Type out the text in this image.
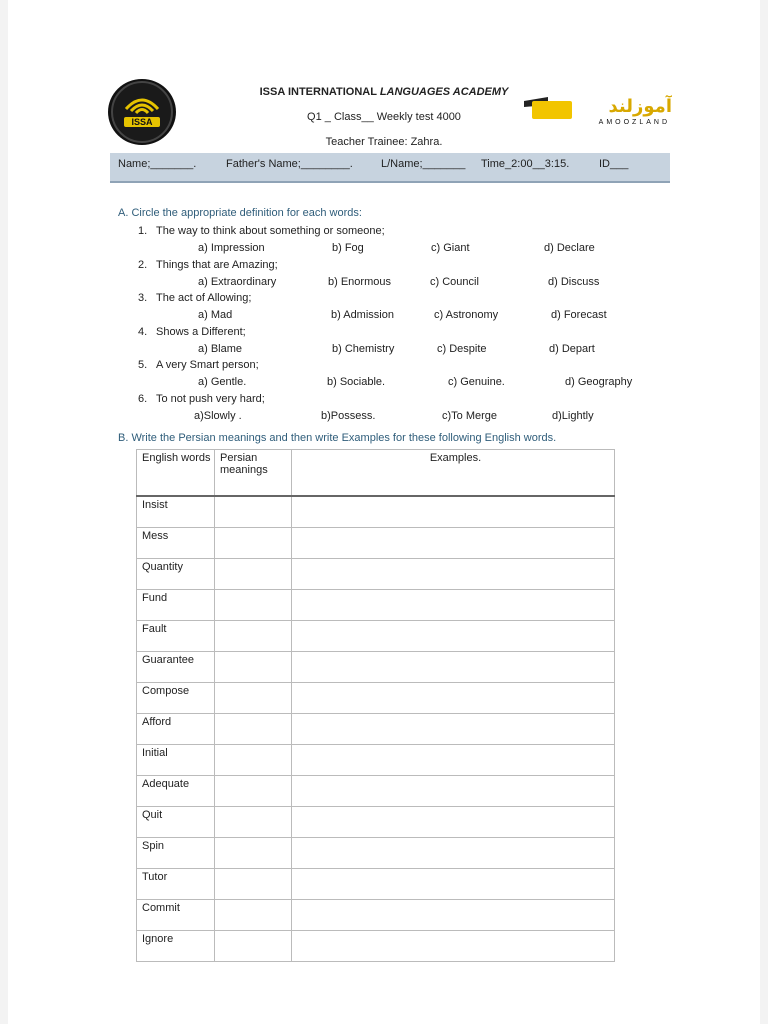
ISSA
آموزلند
AMOOZLAND
ISSA INTERNATIONAL LANGUAGES ACADEMY
Q1 _ Class__ Weekly test 4000
Teacher Trainee: Zahra.
Name;_______.	Father's Name;________.	L/Name;_______ Time_2:00__3:15.	ID___
A. Circle the appropriate definition for each words:
1. The way to think about something or someone;
a) Impression	b) Fog	c) Giant	d) Declare
2. Things that are Amazing;
a) Extraordinary	b) Enormous	c) Council	d) Discuss
3. The act of Allowing;
a) Mad	b) Admission	c) Astronomy	d) Forecast
4. Shows a Different;
a) Blame	b) Chemistry	c) Despite	d) Depart
5. A very Smart person;
a) Gentle.	b) Sociable.	c) Genuine.	d) Geography
6. To not push very hard;
a)Slowly .	b)Possess.	c)To Merge	d)Lightly
B. Write the Persian meanings and then write Examples for these following English words.
English words	Persian meanings	Examples.
Insist		
Mess		
Quantity		
Fund		
Fault		
Guarantee		
Compose		
Afford		
Initial		
Adequate		
Quit		
Spin		
Tutor		
Commit		
Ignore		
